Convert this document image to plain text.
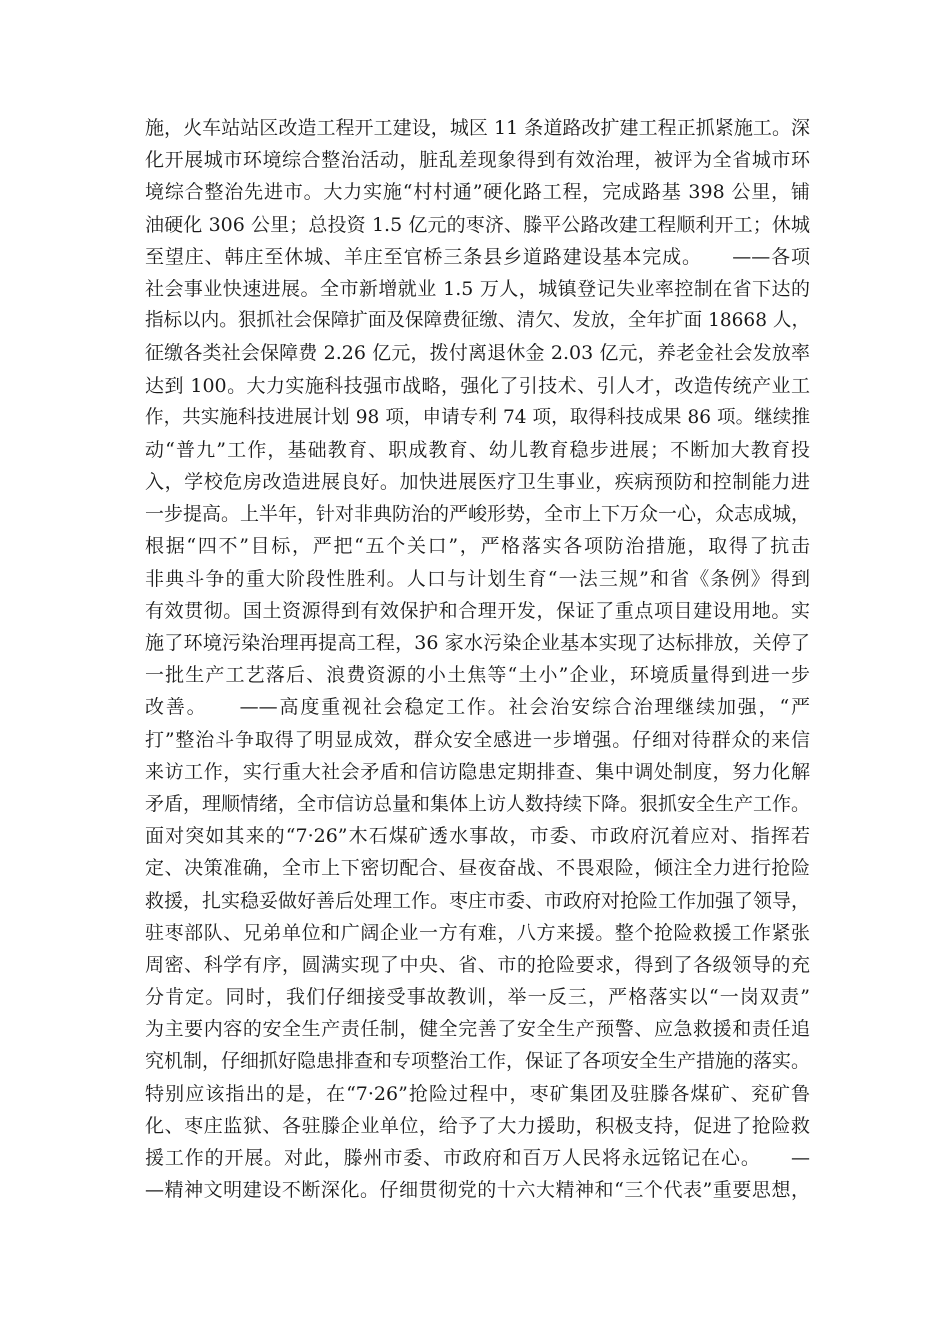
施，火车站站区改造工程开工建设，城区 11 条道路改扩建工程正抓紧施工。深
化开展城市环境综合整治活动，脏乱差现象得到有效治理，被评为全省城市环
境综合整治先进市。大力实施“村村通”硬化路工程，完成路基 398 公里，铺
油硬化 306 公里；总投资 1.5 亿元的枣济、滕平公路改建工程顺利开工；休城
至望庄、韩庄至休城、羊庄至官桥三条县乡道路建设基本完成。　　——各项
社会事业快速进展。全市新增就业 1.5 万人，城镇登记失业率控制在省下达的
指标以内。狠抓社会保障扩面及保障费征缴、清欠、发放，全年扩面 18668 人，
征缴各类社会保障费 2.26 亿元，拨付离退休金 2.03 亿元，养老金社会发放率
达到 100。大力实施科技强市战略，强化了引技术、引人才，改造传统产业工
作，共实施科技进展计划 98 项，申请专利 74 项，取得科技成果 86 项。继续推
动“普九”工作，基础教育、职成教育、幼儿教育稳步进展；不断加大教育投
入，学校危房改造进展良好。加快进展医疗卫生事业，疾病预防和控制能力进
一步提高。上半年，针对非典防治的严峻形势，全市上下万众一心，众志成城，
根据“四不”目标，严把“五个关口”，严格落实各项防治措施，取得了抗击
非典斗争的重大阶段性胜利。人口与计划生育“一法三规”和省《条例》得到
有效贯彻。国土资源得到有效保护和合理开发，保证了重点项目建设用地。实
施了环境污染治理再提高工程，36 家水污染企业基本实现了达标排放，关停了
一批生产工艺落后、浪费资源的小土焦等“土小”企业，环境质量得到进一步
改善。　　——高度重视社会稳定工作。社会治安综合治理继续加强，“严
打”整治斗争取得了明显成效，群众安全感进一步增强。仔细对待群众的来信
来访工作，实行重大社会矛盾和信访隐患定期排查、集中调处制度，努力化解
矛盾，理顺情绪，全市信访总量和集体上访人数持续下降。狠抓安全生产工作。
面对突如其来的“7·26”木石煤矿透水事故，市委、市政府沉着应对、指挥若
定、决策准确，全市上下密切配合、昼夜奋战、不畏艰险，倾注全力进行抢险
救援，扎实稳妥做好善后处理工作。枣庄市委、市政府对抢险工作加强了领导，
驻枣部队、兄弟单位和广阔企业一方有难，八方来援。整个抢险救援工作紧张
周密、科学有序，圆满实现了中央、省、市的抢险要求，得到了各级领导的充
分肯定。同时，我们仔细接受事故教训，举一反三，严格落实以“一岗双责”
为主要内容的安全生产责任制，健全完善了安全生产预警、应急救援和责任追
究机制，仔细抓好隐患排查和专项整治工作，保证了各项安全生产措施的落实。
特别应该指出的是，在“7·26”抢险过程中，枣矿集团及驻滕各煤矿、兖矿鲁
化、枣庄监狱、各驻滕企业单位，给予了大力援助，积极支持，促进了抢险救
援工作的开展。对此，滕州市委、市政府和百万人民将永远铭记在心。　　—
—精神文明建设不断深化。仔细贯彻党的十六大精神和“三个代表”重要思想，
